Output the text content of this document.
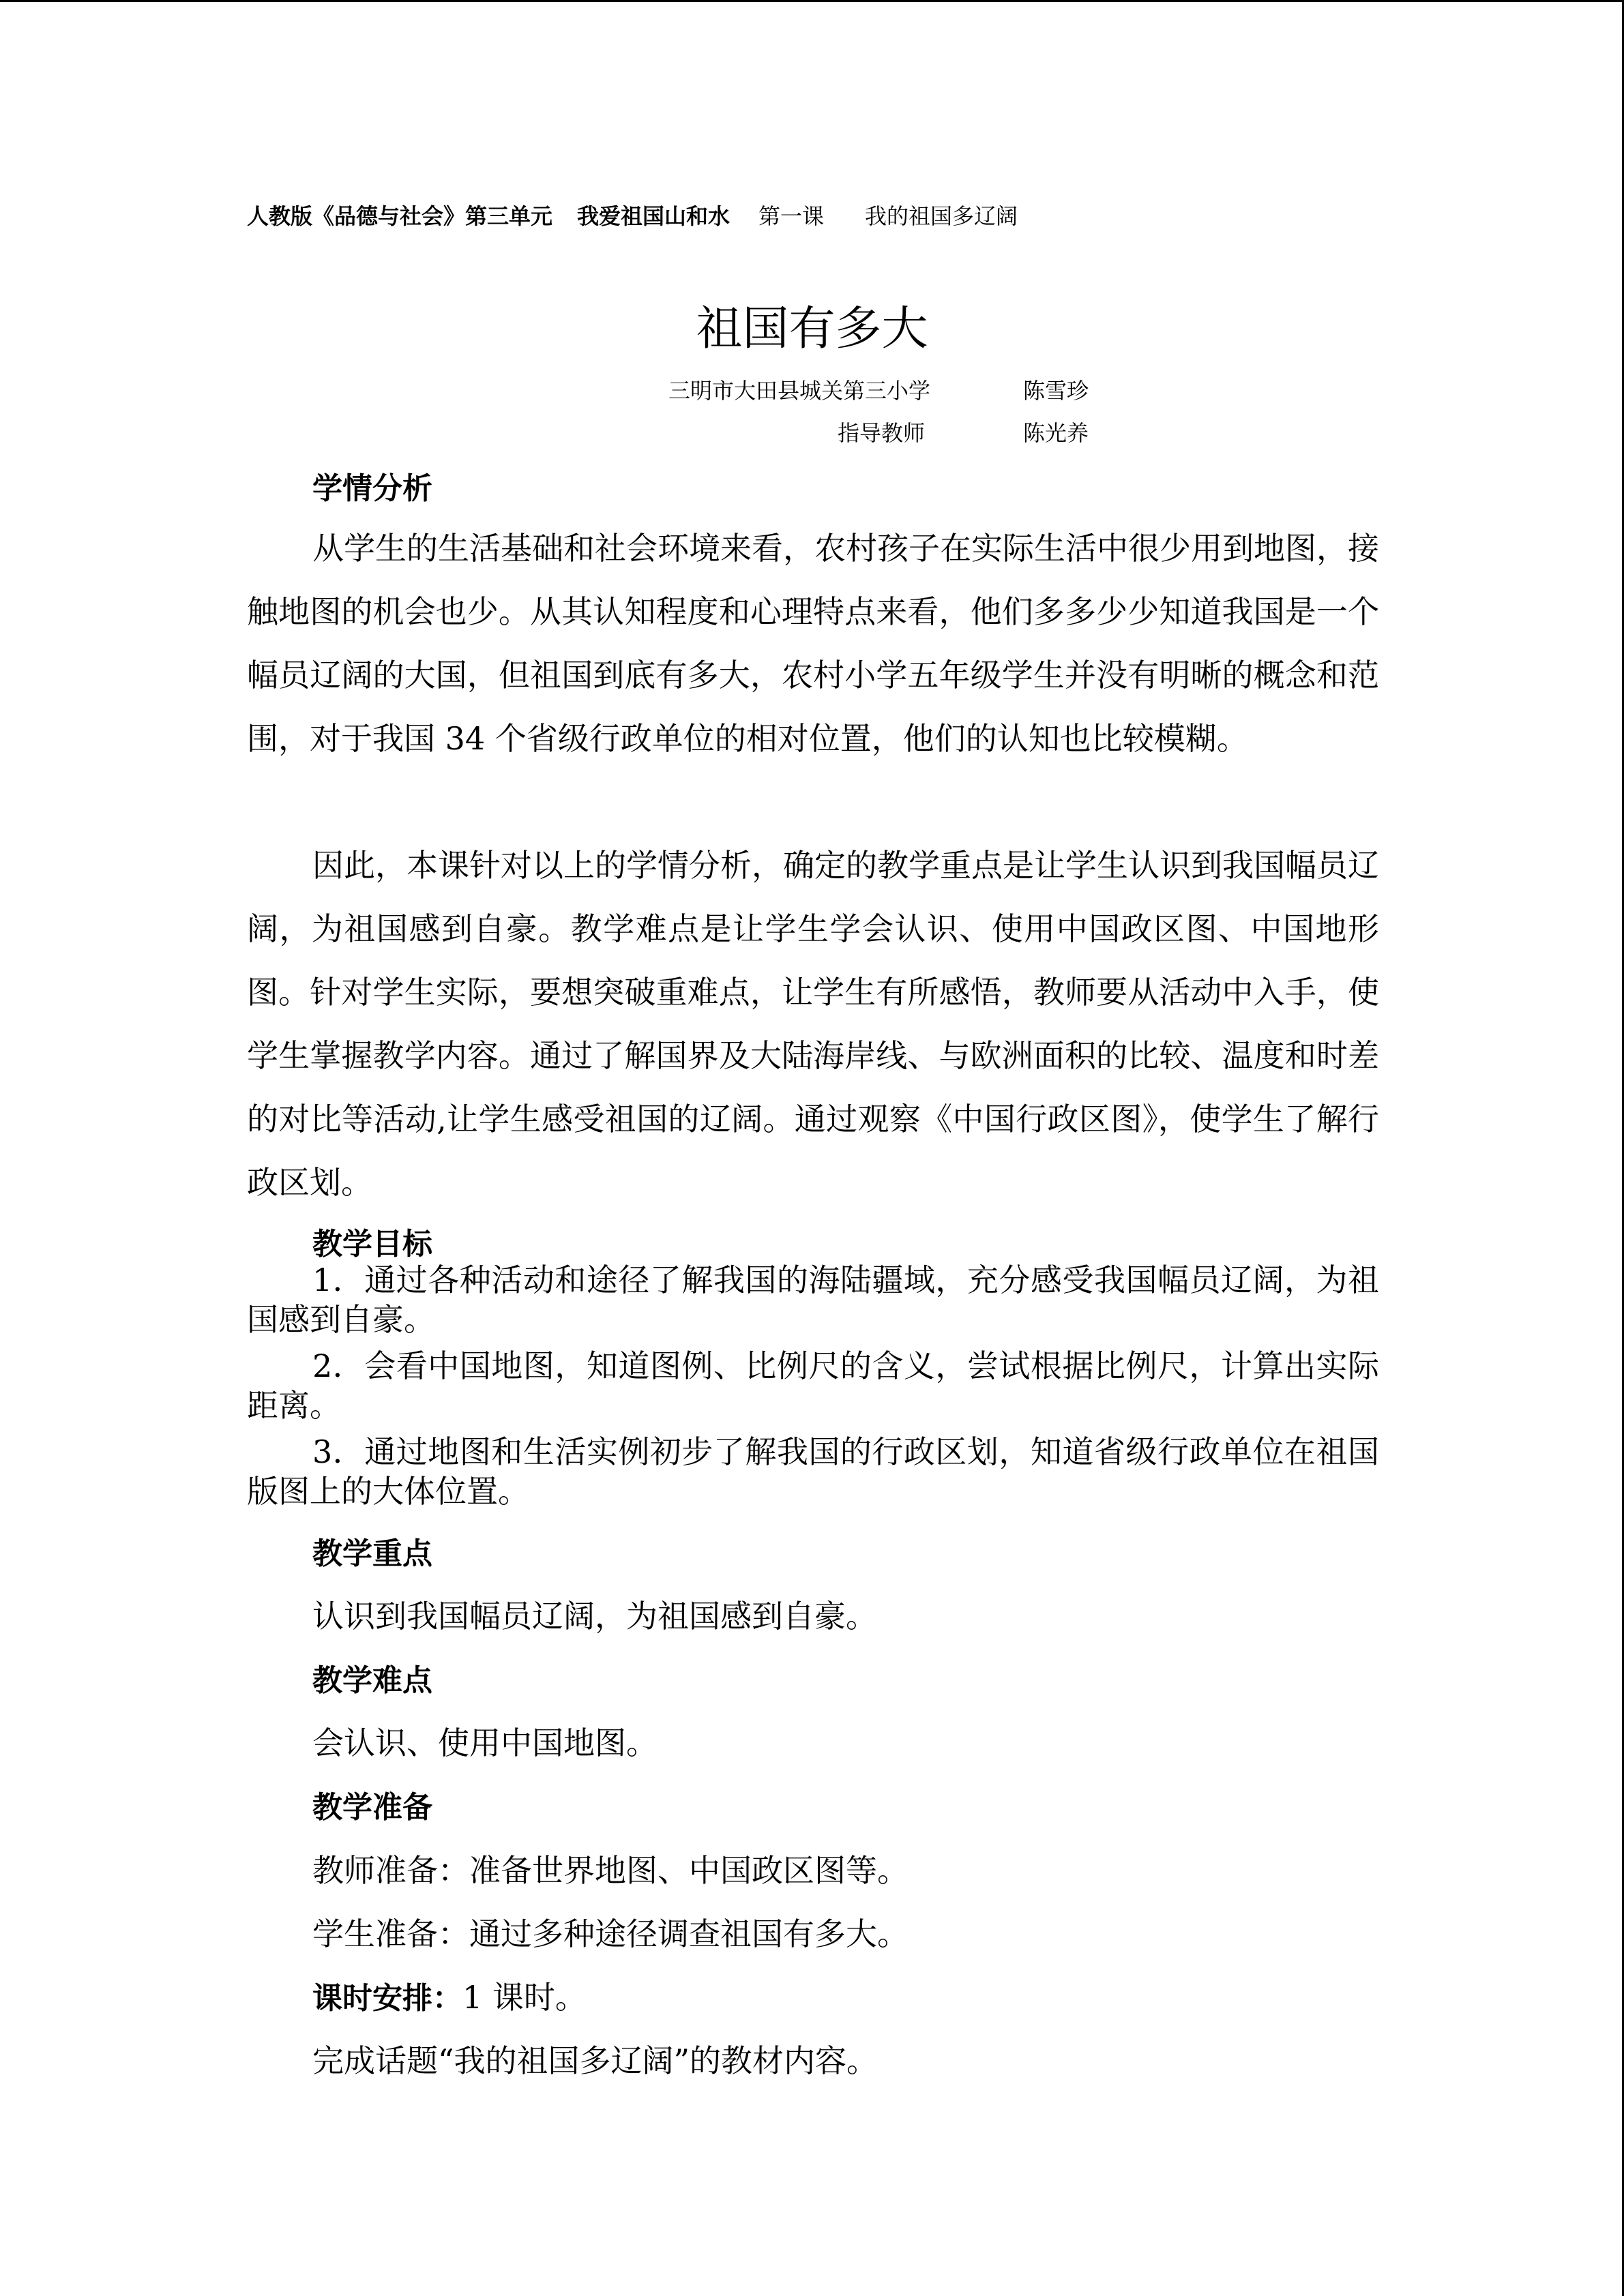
人教版《品德与社会》第三单元 我爱祖国山和水 第一课 我的祖国多辽阔
祖国有多大
三明市大田县城关第三小学	陈雪珍
指导教师	陈光养
学情分析
从学生的生活基础和社会环境来看，农村孩子在实际生活中很少用到地图，接触地图的机会也少。从其认知程度和心理特点来看，他们多多少少知道我国是一个幅员辽阔的大国，但祖国到底有多大，农村小学五年级学生并没有明晰的概念和范围，对于我国 34 个省级行政单位的相对位置，他们的认知也比较模糊。
因此，本课针对以上的学情分析，确定的教学重点是让学生认识到我国幅员辽阔，为祖国感到自豪。教学难点是让学生学会认识、使用中国政区图、中国地形图。针对学生实际，要想突破重难点，让学生有所感悟，教师要从活动中入手，使学生掌握教学内容。通过了解国界及大陆海岸线、与欧洲面积的比较、温度和时差的对比等活动,让学生感受祖国的辽阔。通过观察《中国行政区图》，使学生了解行政区划。
教学目标
1．通过各种活动和途径了解我国的海陆疆域，充分感受我国幅员辽阔，为祖国感到自豪。
2．会看中国地图，知道图例、比例尺的含义，尝试根据比例尺，计算出实际距离。
3．通过地图和生活实例初步了解我国的行政区划，知道省级行政单位在祖国版图上的大体位置。
教学重点
认识到我国幅员辽阔，为祖国感到自豪。
教学难点
会认识、使用中国地图。
教学准备
教师准备：准备世界地图、中国政区图等。
学生准备：通过多种途径调查祖国有多大。
课时安排：1 课时。
完成话题“我的祖国多辽阔”的教材内容。
